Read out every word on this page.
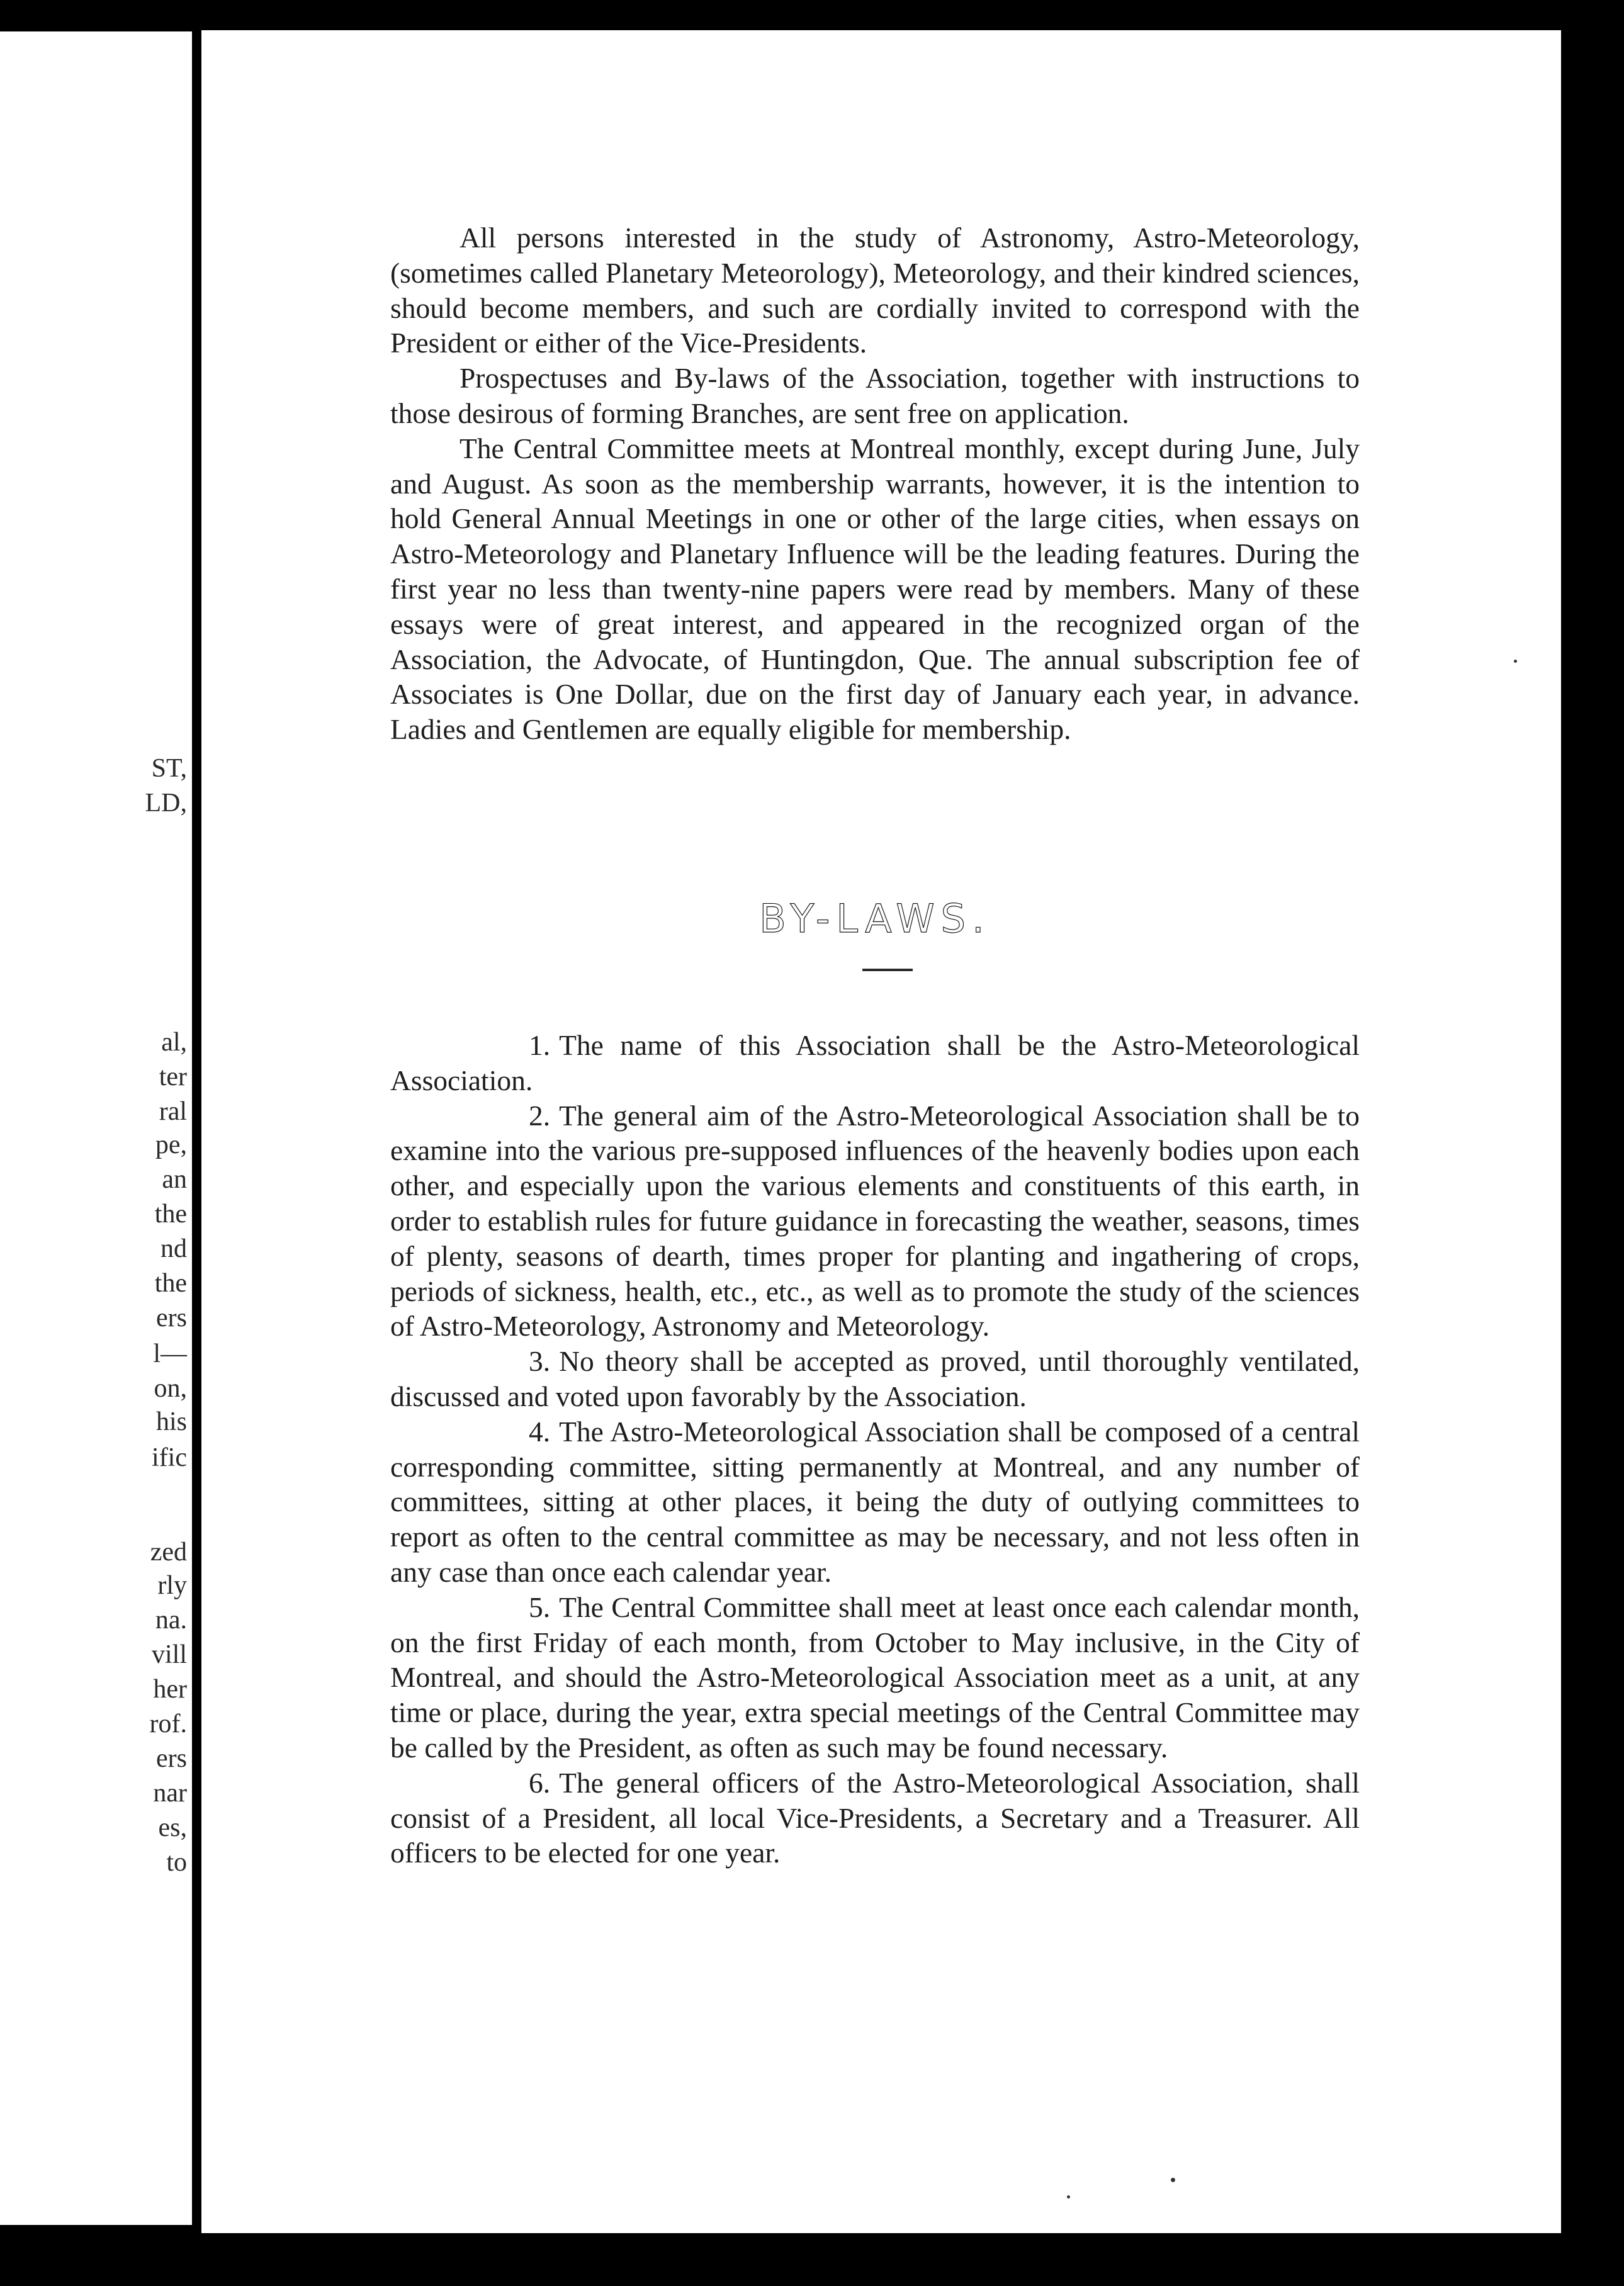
ST,
LD,
al,
ter
ral
pe,
an
the
nd
the
ers
l—
on,
his
ific
zed
rly
na.
vill
her
rof.
ers
nar
es,
to

All persons interested in the study of Astronomy, Astro-Meteorology, (sometimes called Planetary Meteorology), Meteorology, and their kindred sciences, should become members, and such are cordially invited to correspond with the President or either of the Vice-Presidents.

Prospectuses and By-laws of the Association, together with instructions to those desirous of forming Branches, are sent free on application.

The Central Committee meets at Montreal monthly, except during June, July and August. As soon as the membership warrants, however, it is the intention to hold General Annual Meetings in one or other of the large cities, when essays on Astro-Meteorology and Planetary Influence will be the leading features. During the first year no less than twenty-nine papers were read by members. Many of these essays were of great interest, and appeared in the recognized organ of the Association, the Advocate, of Huntingdon, Que. The annual subscription fee of Associates is One Dollar, due on the first day of January each year, in advance. Ladies and Gentlemen are equally eligible for membership.

BY-LAWS.

1. The name of this Association shall be the Astro-Meteorological Association.

2. The general aim of the Astro-Meteorological Association shall be to examine into the various pre-supposed influences of the heavenly bodies upon each other, and especially upon the various elements and constituents of this earth, in order to establish rules for future guidance in forecasting the weather, seasons, times of plenty, seasons of dearth, times proper for planting and ingathering of crops, periods of sickness, health, etc., etc., as well as to promote the study of the sciences of Astro-Meteorology, Astronomy and Meteorology.

3. No theory shall be accepted as proved, until thoroughly ventilated, discussed and voted upon favorably by the Association.

4. The Astro-Meteorological Association shall be composed of a central corresponding committee, sitting permanently at Montreal, and any number of committees, sitting at other places, it being the duty of outlying committees to report as often to the central committee as may be necessary, and not less often in any case than once each calendar year.

5. The Central Committee shall meet at least once each calendar month, on the first Friday of each month, from October to May inclusive, in the City of Montreal, and should the Astro-Meteorological Association meet as a unit, at any time or place, during the year, extra special meetings of the Central Committee may be called by the President, as often as such may be found necessary.

6. The general officers of the Astro-Meteorological Association, shall consist of a President, all local Vice-Presidents, a Secretary and a Treasurer. All officers to be elected for one year.
